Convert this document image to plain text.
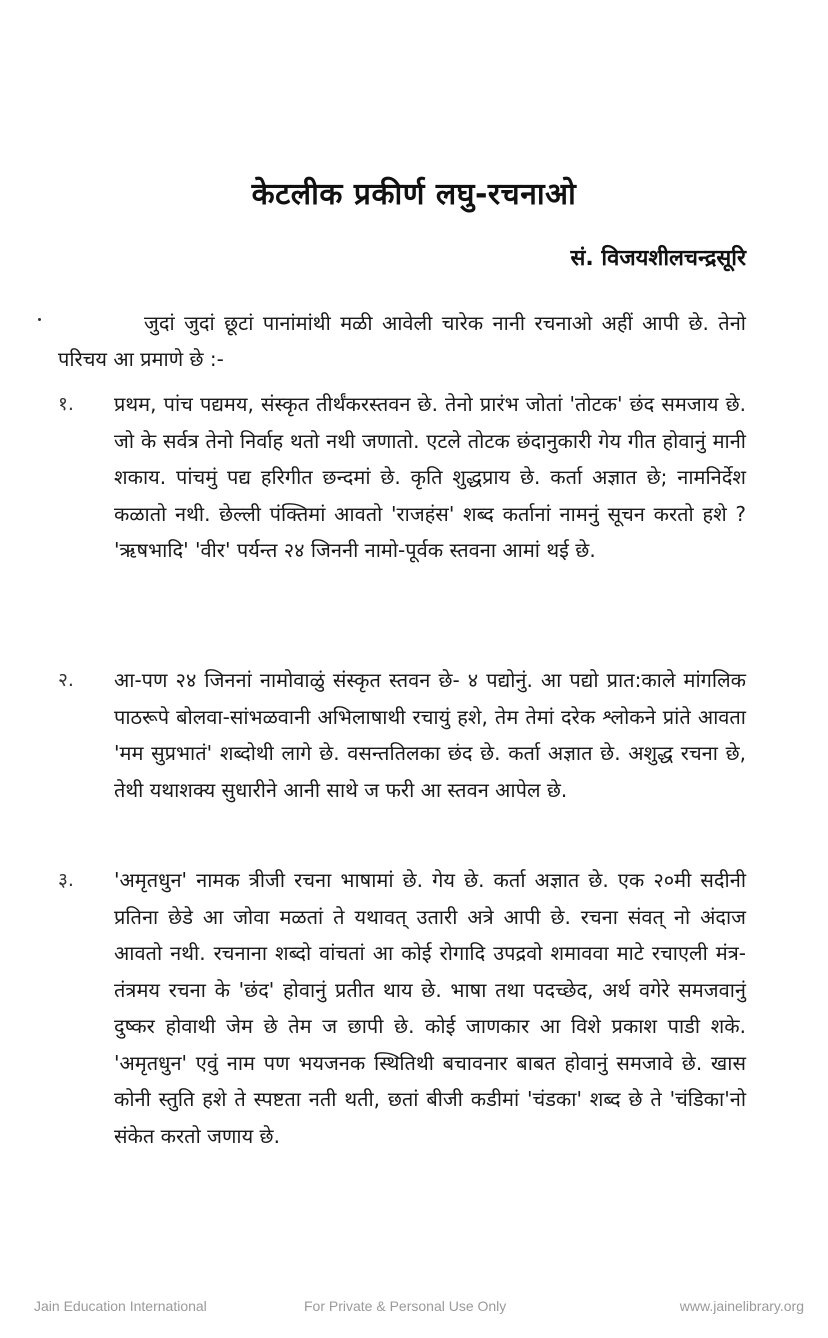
केटलीक प्रकीर्ण लघु-रचनाओ
सं. विजयशीलचन्द्रसूरि

जुदां जुदां छूटां पानांमांथी मळी आवेली चारेक नानी रचनाओ अहीं आपी छे. तेनो परिचय आ प्रमाणे छे :-

१.	प्रथम, पांच पद्यमय, संस्कृत तीर्थंकरस्तवन छे. तेनो प्रारंभ जोतां 'तोटक' छंद समजाय छे. जो के सर्वत्र तेनो निर्वाह थतो नथी जणातो. एटले तोटक छंदानुकारी गेय गीत होवानुं मानी शकाय. पांचमुं पद्य हरिगीत छन्दमां छे. कृति शुद्धप्राय छे. कर्ता अज्ञात छे; नामनिर्देश कळातो नथी. छेल्ली पंक्तिमां आवतो 'राजहंस' शब्द कर्तानां नामनुं सूचन करतो हशे ? 'ऋषभादि' 'वीर' पर्यन्त २४ जिननी नामो-पूर्वक स्तवना आमां थई छे.
२.	आ-पण २४ जिननां नामोवाळुं संस्कृत स्तवन छे- ४ पद्योनुं. आ पद्यो प्रात:काले मांगलिक पाठरूपे बोलवा-सांभळवानी अभिलाषाथी रचायुं हशे, तेम तेमां दरेक श्लोकने प्रांते आवता 'मम सुप्रभातं' शब्दोथी लागे छे. वसन्ततिलका छंद छे. कर्ता अज्ञात छे. अशुद्ध रचना छे, तेथी यथाशक्य सुधारीने आनी साथे ज फरी आ स्तवन आपेल छे.
३.	'अमृतधुन' नामक त्रीजी रचना भाषामां छे. गेय छे. कर्ता अज्ञात छे. एक २०मी सदीनी प्रतिना छेडे आ जोवा मळतां ते यथावत् उतारी अत्रे आपी छे. रचना संवत् नो अंदाज आवतो नथी. रचनाना शब्दो वांचतां आ कोई रोगादि उपद्रवो शमाववा माटे रचाएली मंत्र-तंत्रमय रचना के 'छंद' होवानुं प्रतीत थाय छे. भाषा तथा पदच्छेद, अर्थ वगेरे समजवानुं दुष्कर होवाथी जेम छे तेम ज छापी छे. कोई जाणकार आ विशे प्रकाश पाडी शके. 'अमृतधुन' एवुं नाम पण भयजनक स्थितिथी बचावनार बाबत होवानुं समजावे छे. खास कोनी स्तुति हशे ते स्पष्टता नती थती, छतां बीजी कडीमां 'चंडका' शब्द छे ते 'चंडिका'नो संकेत करतो जणाय छे.
Jain Education International	For Private & Personal Use Only	www.jainelibrary.org
